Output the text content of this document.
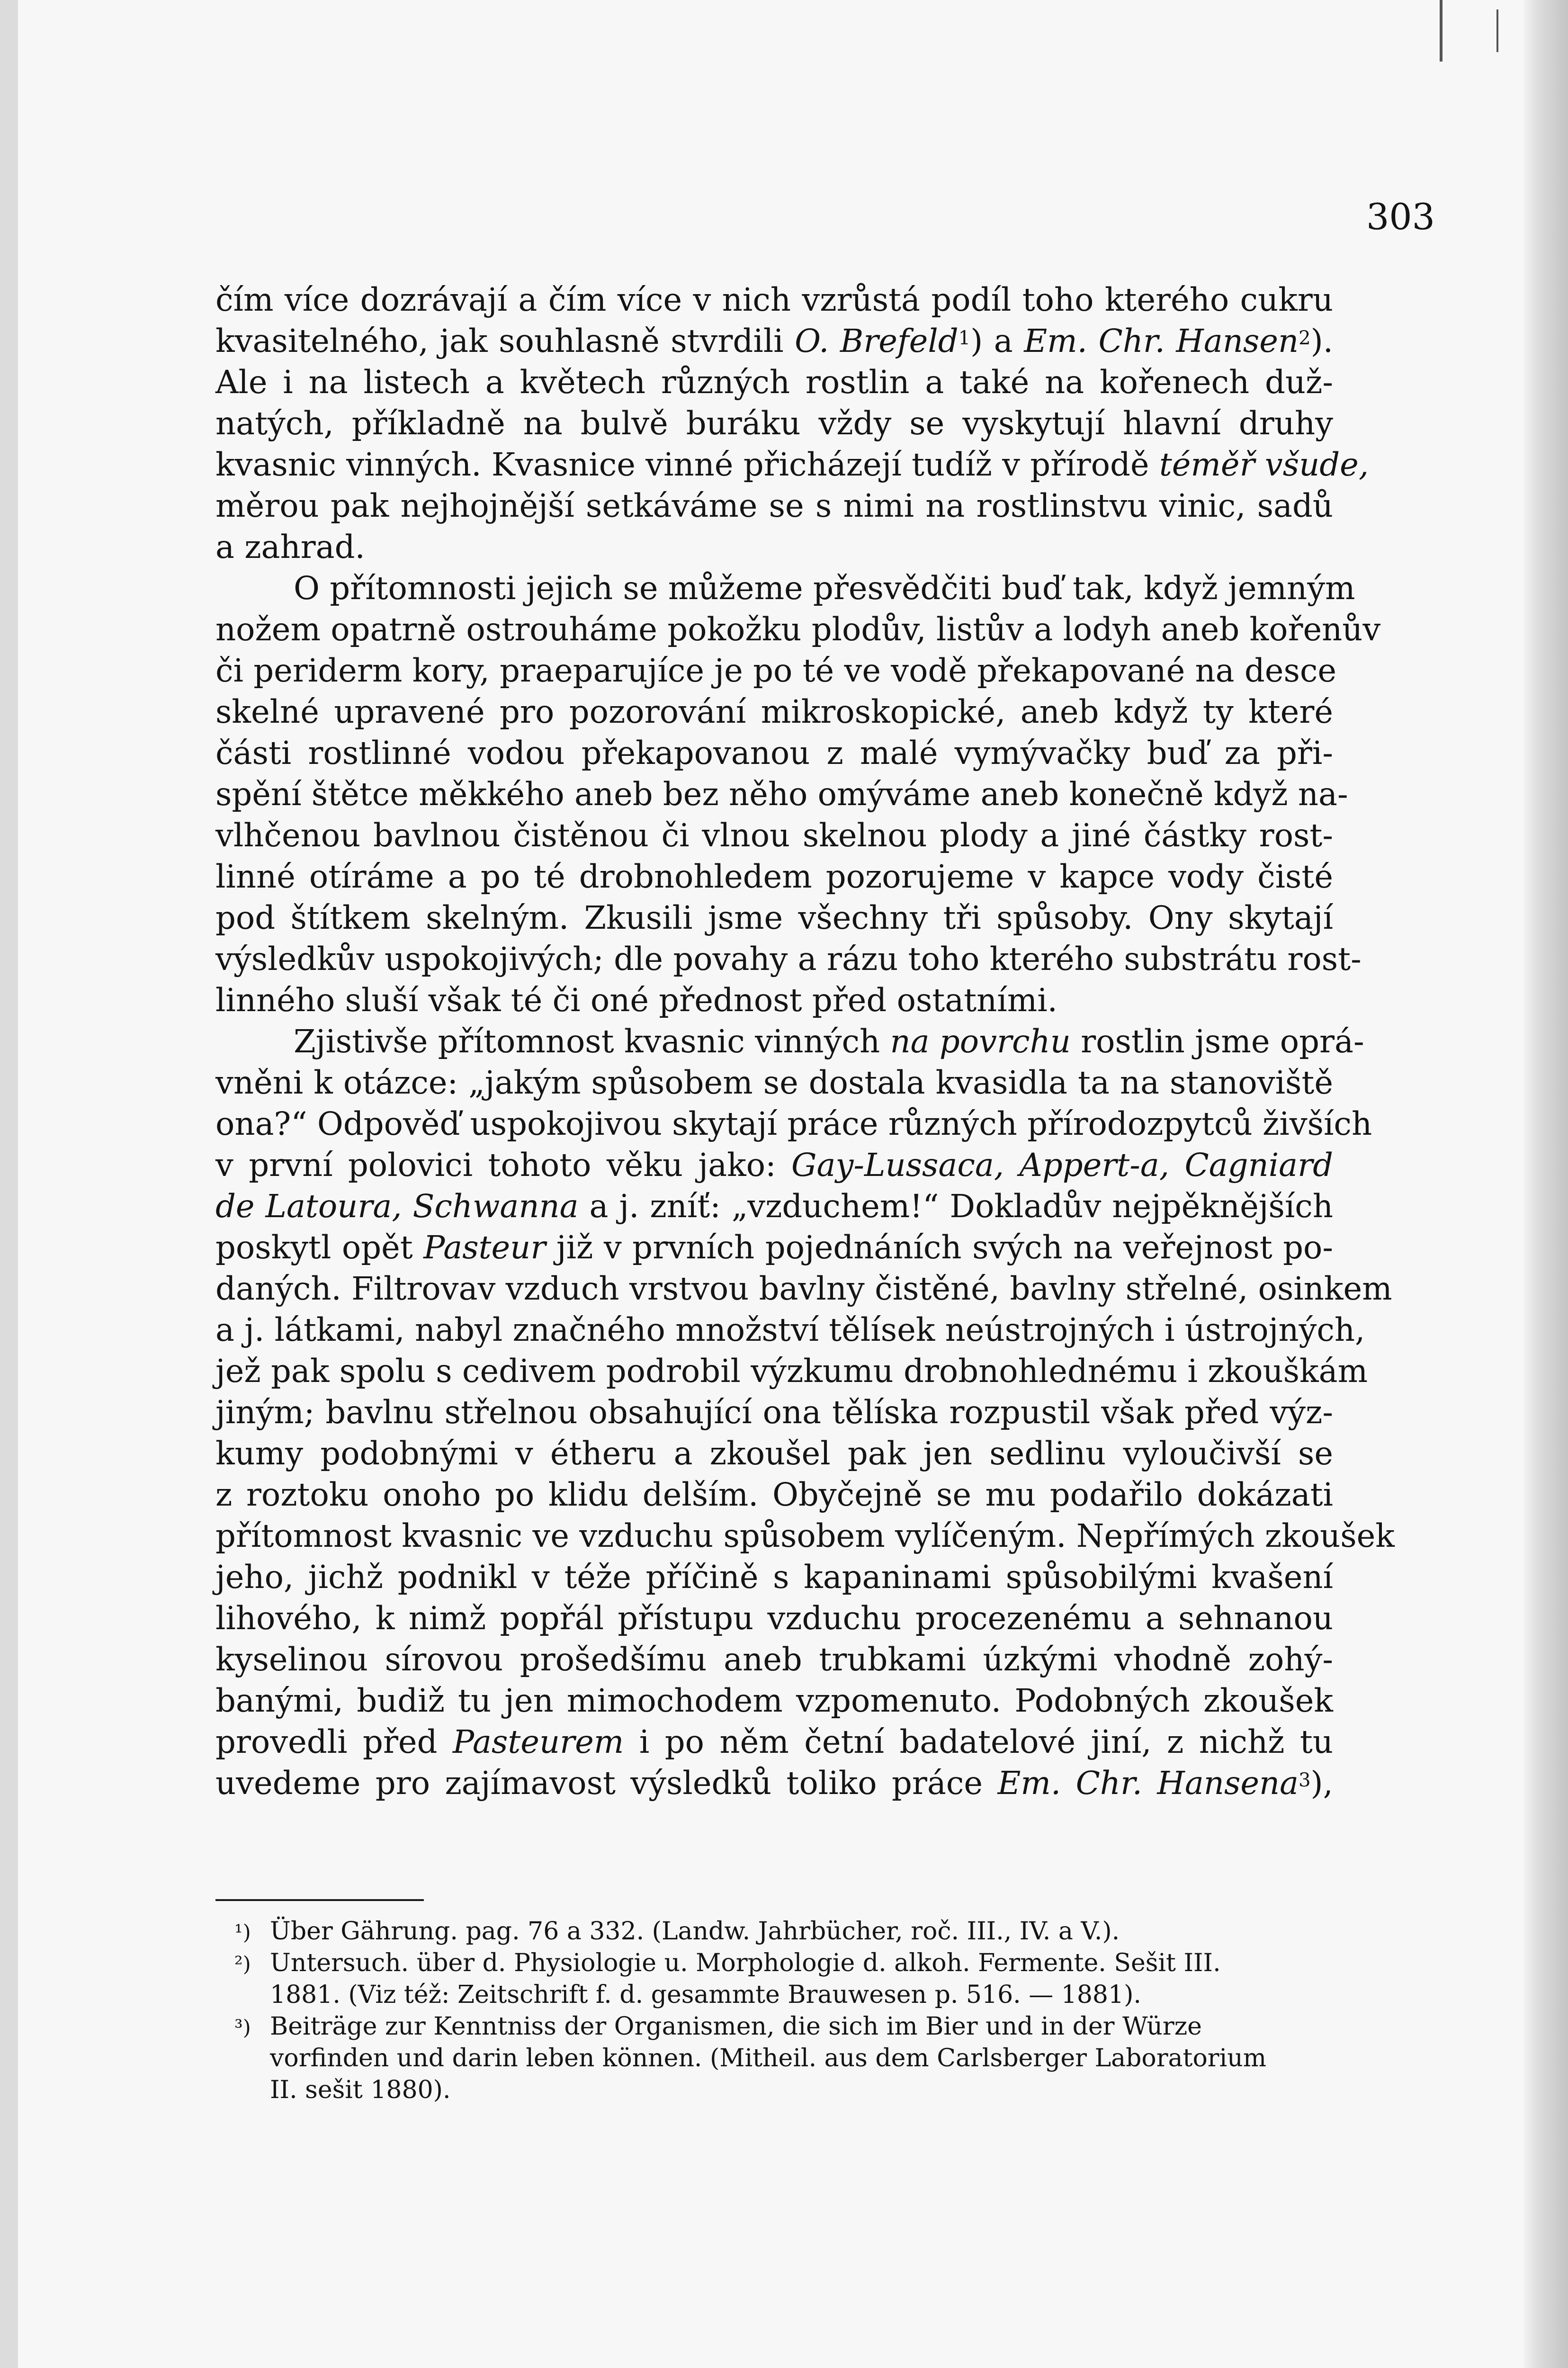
303
čím více dozrávají a čím více v nich vzrůstá podíl toho kterého cukru
kvasitelného, jak souhlasně stvrdili O. Brefeld$^1$) a Em. Chr. Hansen$^2$).
Ale i na listech a květech různých rostlin a také na kořenech duž-
natých, příkladně na bulvě buráku vždy se vyskytují hlavní druhy
kvasnic vinných. Kvasnice vinné přicházejí tudíž v přírodě téměř všude,
měrou pak nejhojnější setkáváme se s nimi na rostlinstvu vinic, sadů
a zahrad.
O přítomnosti jejich se můžeme přesvědčiti buď tak, když jemným
nožem opatrně ostrouháme pokožku plodův, listův a lodyh aneb kořenův
či periderm kory, praeparujíce je po té ve vodě překapované na desce
skelné upravené pro pozorování mikroskopické, aneb když ty které
části rostlinné vodou překapovanou z malé vymývačky buď za při-
spění štětce měkkého aneb bez něho omýváme aneb konečně když na-
vlhčenou bavlnou čistěnou či vlnou skelnou plody a jiné částky rost-
linné otíráme a po té drobnohledem pozorujeme v kapce vody čisté
pod štítkem skelným. Zkusili jsme všechny tři spůsoby. Ony skytají
výsledkův uspokojivých; dle povahy a rázu toho kterého substrátu rost-
linného sluší však té či oné přednost před ostatními.
Zjistivše přítomnost kvasnic vinných na povrchu rostlin jsme oprá-
vněni k otázce: „jakým spůsobem se dostala kvasidla ta na stanoviště
ona?“ Odpověď uspokojivou skytají práce různých přírodozpytců živších
v první polovici tohoto věku jako: Gay-Lussaca, Appert-a, Cagniard
de Latoura, Schwanna a j. zníť: „vzduchem!“ Dokladův nejpěknějších
poskytl opět Pasteur již v prvních pojednáních svých na veřejnost po-
daných. Filtrovav vzduch vrstvou bavlny čistěné, bavlny střelné, osinkem
a j. látkami, nabyl značného množství tělísek neústrojných i ústrojných,
jež pak spolu s cedivem podrobil výzkumu drobnohlednému i zkouškám
jiným; bavlnu střelnou obsahující ona tělíska rozpustil však před výz-
kumy podobnými v étheru a zkoušel pak jen sedlinu vyloučivší se
z roztoku onoho po klidu delším. Obyčejně se mu podařilo dokázati
přítomnost kvasnic ve vzduchu spůsobem vylíčeným. Nepřímých zkoušek
jeho, jichž podnikl v téže příčině s kapaninami spůsobilými kvašení
lihového, k nimž popřál přístupu vzduchu procezenému a sehnanou
kyselinou sírovou prošedšímu aneb trubkami úzkými vhodně zohý-
banými, budiž tu jen mimochodem vzpomenuto. Podobných zkoušek
provedli před Pasteurem i po něm četní badatelové jiní, z nichž tu
uvedeme pro zajímavost výsledků toliko práce Em. Chr. Hansena$^3$),
¹) Über Gährung. pag. 76 a 332. (Landw. Jahrbücher, roč. III., IV. a V.).
²) Untersuch. über d. Physiologie u. Morphologie d. alkoh. Fermente. Sešit III.
1881. (Viz též: Zeitschrift f. d. gesammte Brauwesen p. 516. — 1881).
³) Beiträge zur Kenntniss der Organismen, die sich im Bier und in der Würze
vorfinden und darin leben können. (Mitheil. aus dem Carlsberger Laboratorium
II. sešit 1880).
